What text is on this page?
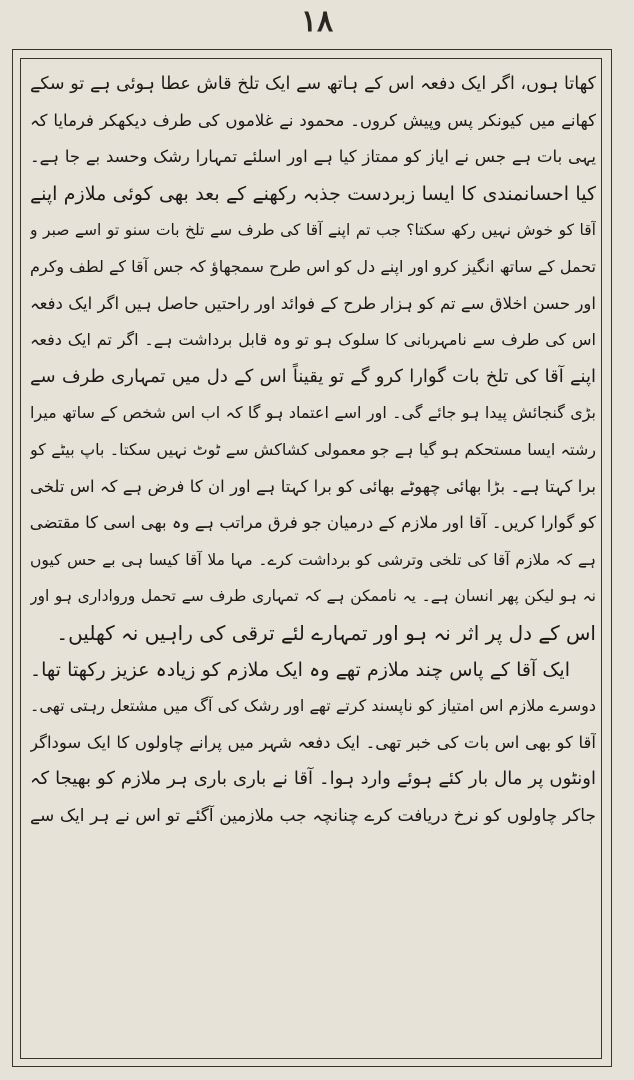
۱۸
کھاتا ہوں، اگر ایک دفعہ اس کے ہاتھ سے ایک تلخ قاش عطا ہوئی ہے تو سکے
کھانے میں کیونکر پس وپیش کروں۔ محمود نے غلاموں کی طرف دیکھکر فرمایا کہ
یہی بات ہے جس نے ایاز کو ممتاز کیا ہے اور اسلئے تمہارا رشک وحسد بے جا ہے۔
کیا احسانمندی کا ایسا زبردست جذبہ رکھنے کے بعد بھی کوئی ملازم اپنے
آقا کو خوش نہیں رکھ سکتا؟ جب تم اپنے آقا کی طرف سے تلخ بات سنو تو اسے صبر و
تحمل کے ساتھ انگیز کرو اور اپنے دل کو اس طرح سمجھاؤ کہ جس آقا کے لطف وکرم
اور حسن اخلاق سے تم کو ہزار طرح کے فوائد اور راحتیں حاصل ہیں اگر ایک دفعہ
اس کی طرف سے نامہربانی کا سلوک ہو تو وہ قابل برداشت ہے۔ اگر تم ایک دفعہ
اپنے آقا کی تلخ بات گوارا کرو گے تو یقیناً اس کے دل میں تمہاری طرف سے
بڑی گنجائش پیدا ہو جائے گی۔ اور اسے اعتماد ہو گا کہ اب اس شخص کے ساتھ میرا
رشتہ ایسا مستحکم ہو گیا ہے جو معمولی کشاکش سے ٹوٹ نہیں سکتا۔ باپ بیٹے کو
برا کہتا ہے۔ بڑا بھائی چھوٹے بھائی کو برا کہتا ہے اور ان کا فرض ہے کہ اس تلخی
کو گوارا کریں۔ آقا اور ملازم کے درمیان جو فرق مراتب ہے وہ بھی اسی کا مقتضی
ہے کہ ملازم آقا کی تلخی وترشی کو برداشت کرے۔ مہا ملا آقا کیسا ہی بے حس کیوں
نہ ہو لیکن پھر انسان ہے۔ یہ ناممکن ہے کہ تمہاری طرف سے تحمل ورواداری ہو اور
اس کے دل پر اثر نہ ہو اور تمہارے لئے ترقی کی راہیں نہ کھلیں۔
ایک آقا کے پاس چند ملازم تھے وہ ایک ملازم کو زیادہ عزیز رکھتا تھا۔
دوسرے ملازم اس امتیاز کو ناپسند کرتے تھے اور رشک کی آگ میں مشتعل رہتی تھی۔
آقا کو بھی اس بات کی خبر تھی۔ ایک دفعہ شہر میں پرانے چاولوں کا ایک سوداگر
اونٹوں پر مال بار کئے ہوئے وارد ہوا۔ آقا نے باری باری ہر ملازم کو بھیجا کہ
جاکر چاولوں کو نرخ دریافت کرے چنانچہ جب ملازمین آگئے تو اس نے ہر ایک سے
